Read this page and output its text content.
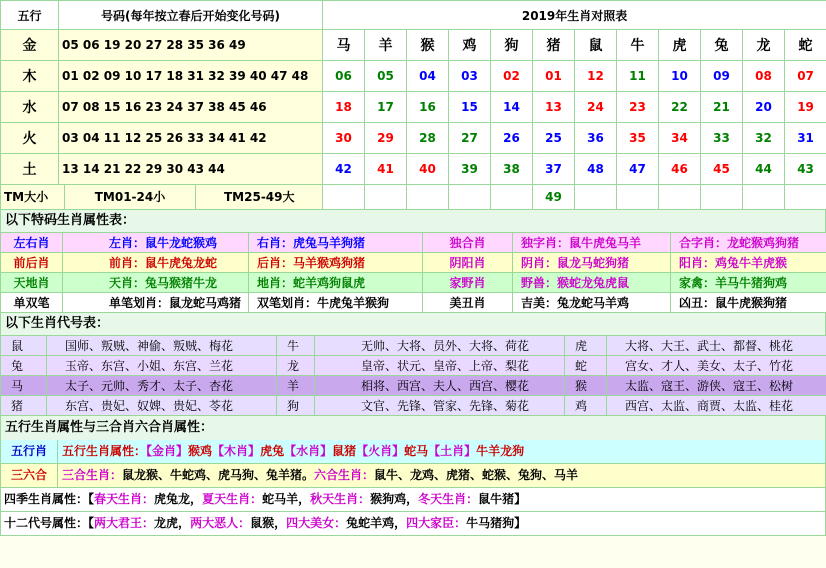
五行	号码(每年按立春后开始变化号码)	2019年生肖对照表											
金	05 06 19 20 27 28 35 36 49	马	羊	猴	鸡	狗	猪	鼠	牛	虎	兔	龙	蛇
木	01 02 09 10 17 18 31 32 39 40 47 48	06	05	04	03	02	01	12	11	10	09	08	07
水	07 08 15 16 23 24 37 38 45 46	18	17	16	15	14	13	24	23	22	21	20	19
火	03 04 11 12 25 26 33 34 41 42	30	29	28	27	26	25	36	35	34	33	32	31
土	13 14 21 22 29 30 43 44	42	41	40	39	38	37	48	47	46	45	44	43

TM大小 TM01-24小 TM25-49大							49						
以下特码生肖属性表：
左右肖	左肖：鼠牛龙蛇猴鸡	右肖：虎兔马羊狗猪	独合肖	独字肖：鼠牛虎兔马羊	合字肖：龙蛇猴鸡狗猪
前后肖	前肖：鼠牛虎兔龙蛇	后肖：马羊猴鸡狗猪	阴阳肖	阴肖：鼠龙马蛇狗猪	阳肖：鸡兔牛羊虎猴
天地肖	天肖：兔马猴猪牛龙	地肖：蛇羊鸡狗鼠虎	家野肖	野兽：猴蛇龙兔虎鼠	家禽：羊马牛猪狗鸡
单双笔	单笔划肖：鼠龙蛇马鸡猪	双笔划肖：牛虎兔羊猴狗	美丑肖	吉美：兔龙蛇马羊鸡	凶丑：鼠牛虎猴狗猪
以下生肖代号表：
鼠	国师、叛贼、神偷、叛贼、梅花	牛	无帅、大将、员外、大将、荷花	虎	大将、大王、武士、都督、桃花
兔	玉帝、东宫、小姐、东宫、兰花	龙	皇帝、状元、皇帝、上帝、梨花	蛇	宫女、才人、美女、太子、竹花
马	太子、元帅、秀才、太子、杏花	羊	相将、西宫、夫人、西宫、樱花	猴	太监、寇王、游侠、寇王、松树
猪	东宫、贵妃、奴婢、贵妃、苓花	狗	文官、先锋、管家、先锋、菊花	鸡	西宫、太监、商贾、太监、桂花
五行生肖属性与三合肖六合肖属性：
五行肖	五行生肖属性：【金肖】猴鸡【木肖】虎兔【水肖】鼠猪【火肖】蛇马【土肖】牛羊龙狗
三六合	三合生肖：鼠龙猴、牛蛇鸡、虎马狗、兔羊猪。六合生肖：鼠牛、龙鸡、虎猪、蛇猴、兔狗、马羊
四季生肖属性：【春天生肖：虎兔龙，夏天生肖：蛇马羊，秋天生肖：猴狗鸡，冬天生肖：鼠牛猪】
十二代号属性：【两大君王：龙虎，两大恶人：鼠猴，四大美女：兔蛇羊鸡，四大家臣：牛马猪狗】
